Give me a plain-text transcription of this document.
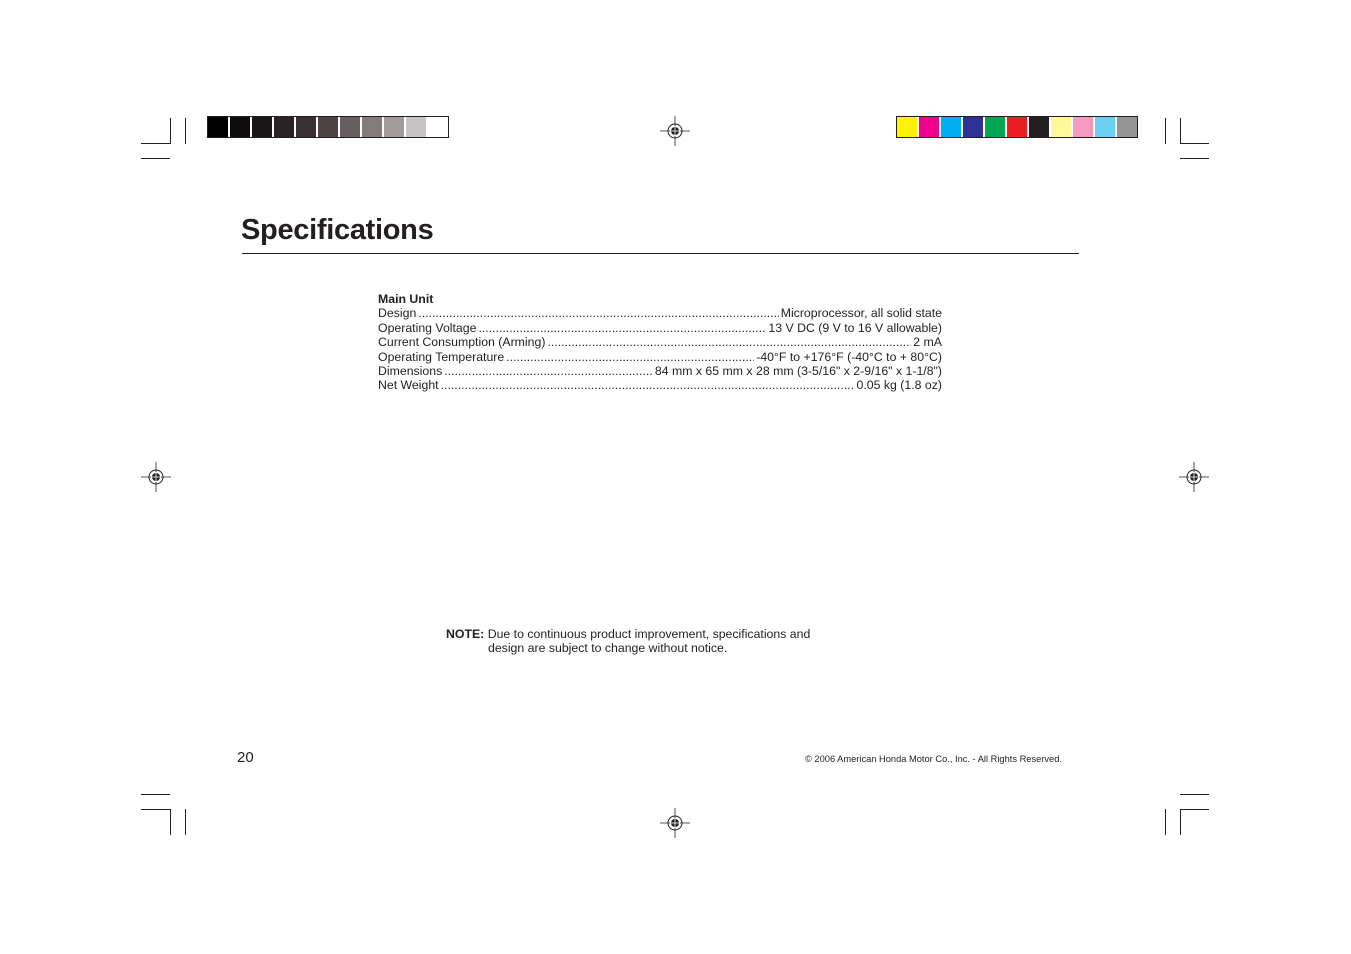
Specifications
Main Unit
Design .....	Microprocessor, all solid state
Operating Voltage .....	13 V DC (9 V to 16 V allowable)
Current Consumption (Arming) .....	2 mA
Operating Temperature .....	-40°F to +176°F (-40°C to + 80°C)
Dimensions .....	84 mm x 65 mm x 28 mm (3-5/16" x 2-9/16" x 1-1/8")
Net Weight .....	0.05 kg (1.8 oz)
NOTE: Due to continuous product improvement, specifications and
design are subject to change without notice.
20	© 2006 American Honda Motor Co., Inc. - All Rights Reserved.
